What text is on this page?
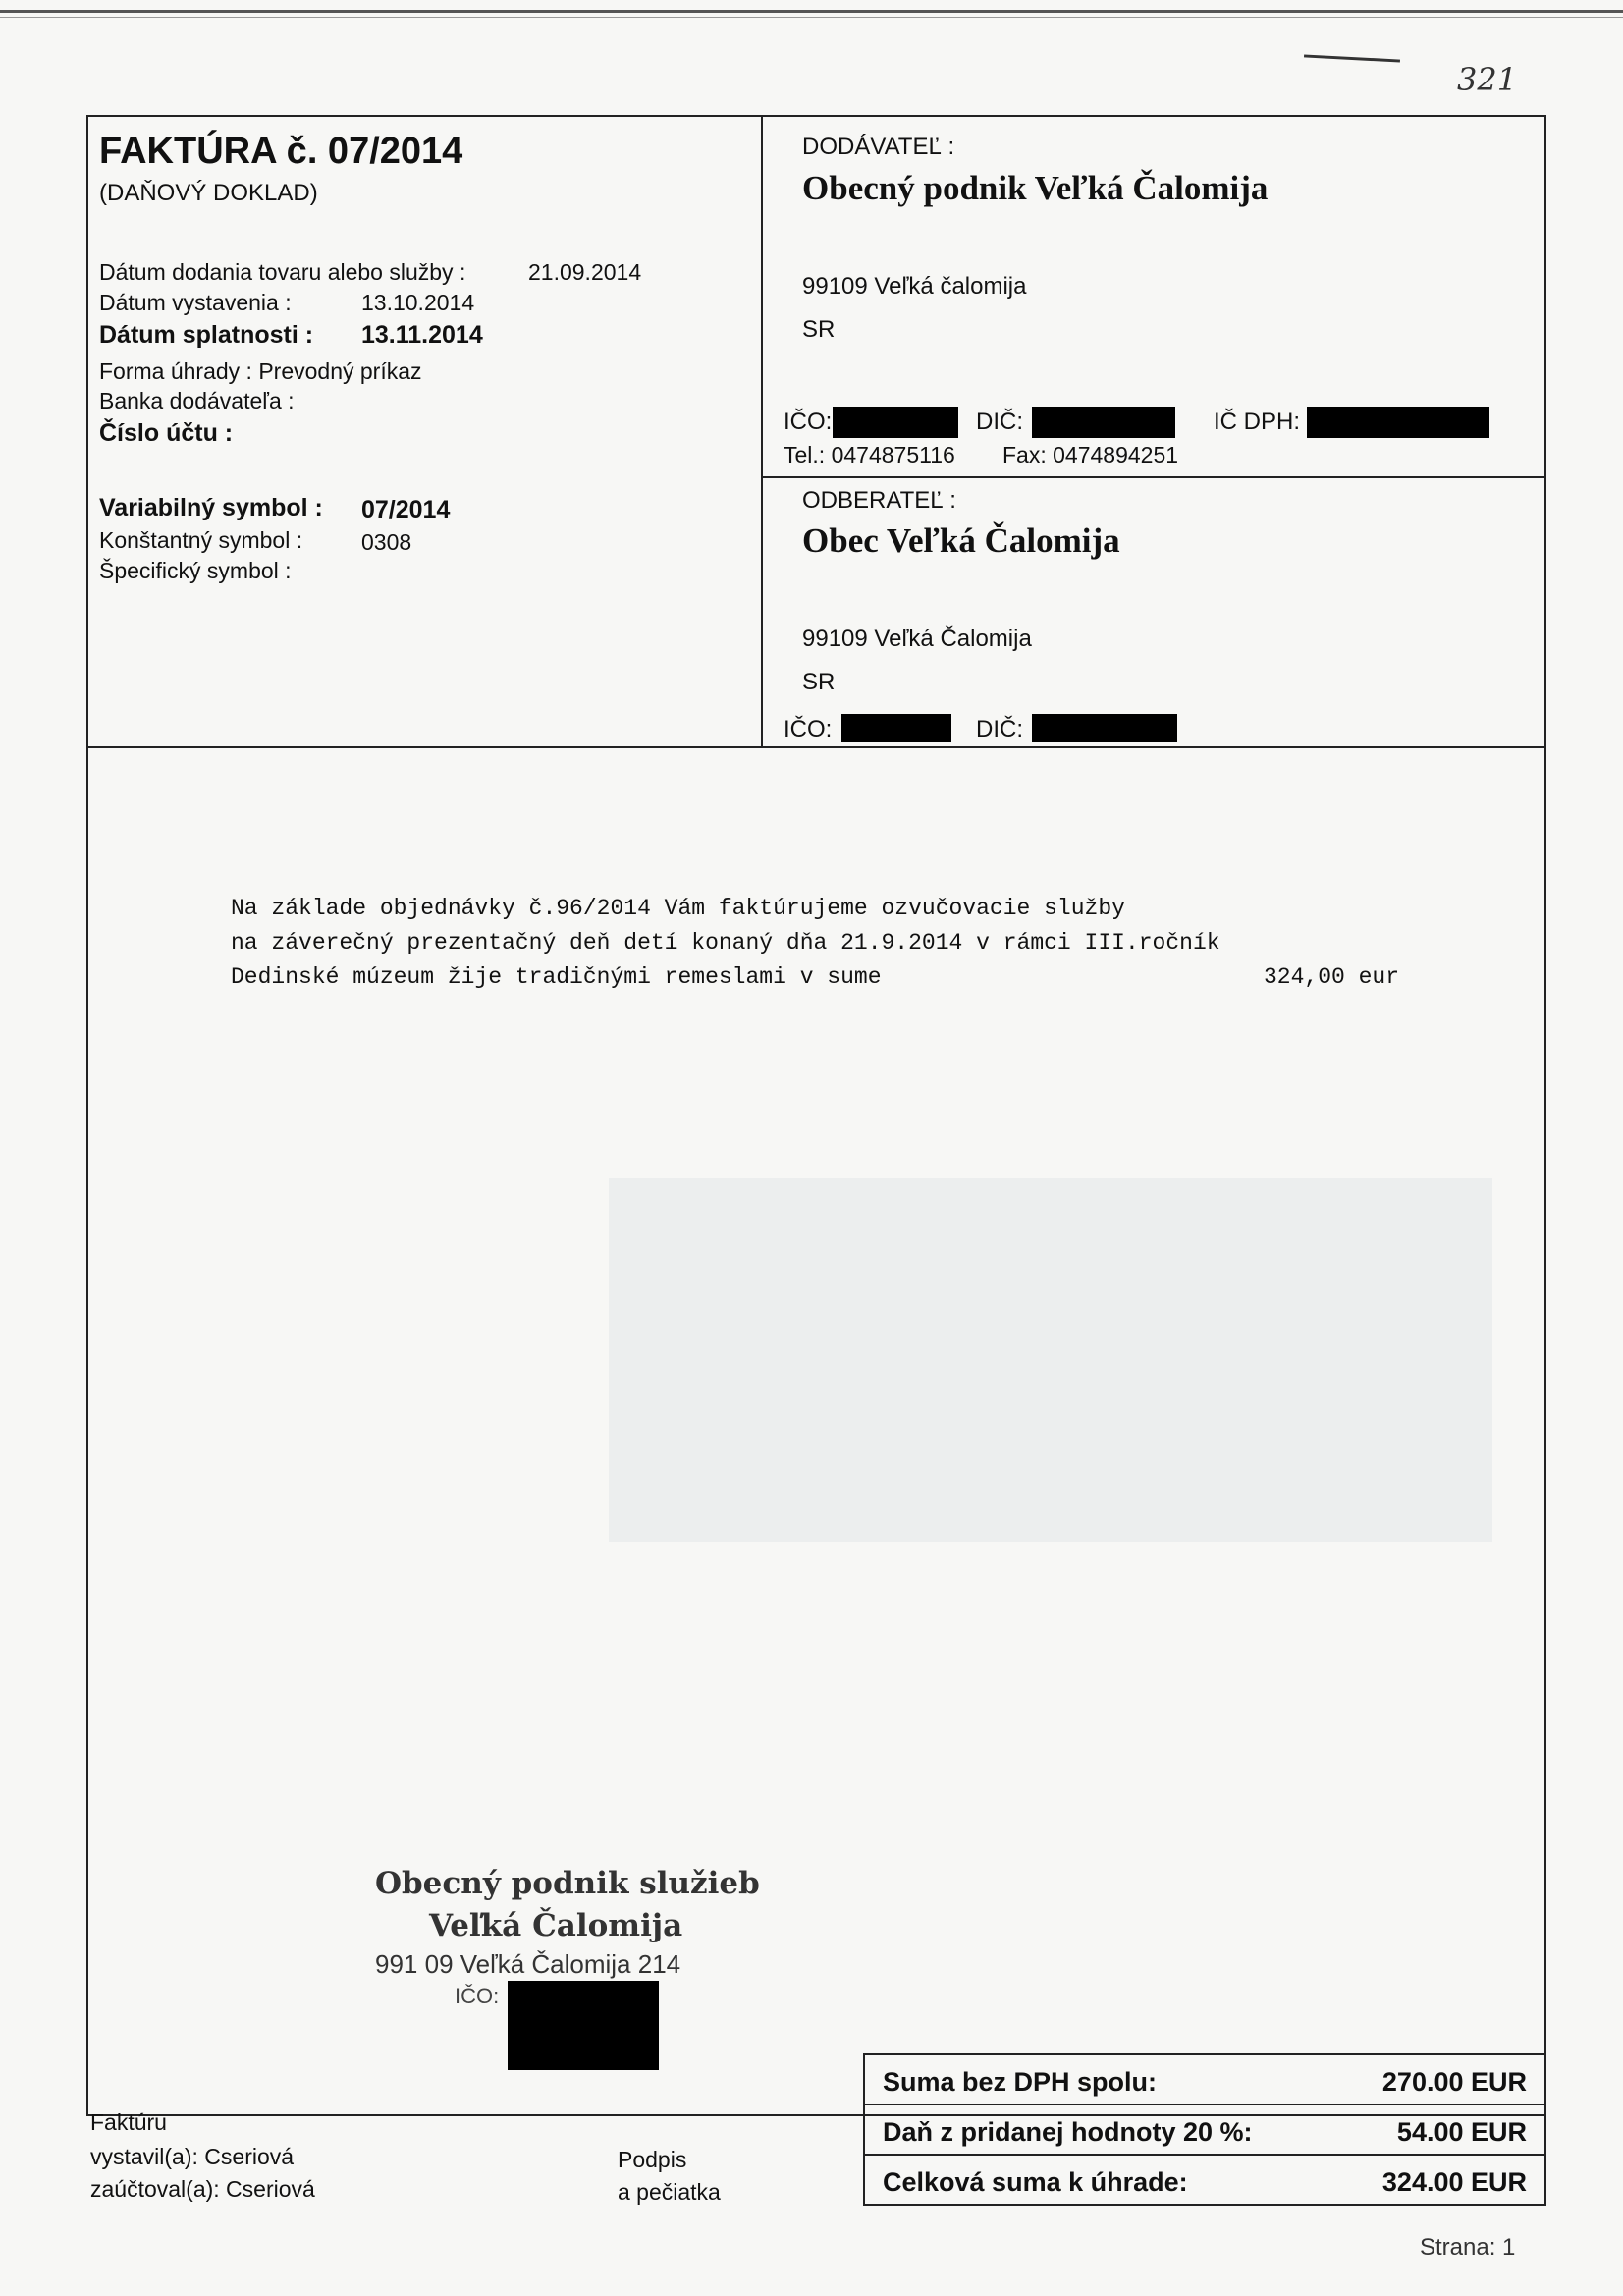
321
FAKTÚRA č. 07/2014
(DAŇOVÝ DOKLAD)
Dátum dodania tovaru alebo služby :	21.09.2014
Dátum vystavenia :	13.10.2014
Dátum splatnosti : 13.11.2014
Forma úhrady : Prevodný príkaz
Banka dodávateľa :
Číslo účtu :
Variabilný symbol : 07/2014
Konštantný symbol :	0308
Špecifický symbol :
DODÁVATEĽ :
Obecný podnik Veľká Čalomija
99109 Veľká čalomija
SR
IČO:	DIČ:	IČ DPH:
Tel.: 0474875116 Fax: 0474894251
ODBERATEĽ :
Obec Veľká Čalomija
99109 Veľká Čalomija
SR
IČO:	DIČ:
Na základe objednávky č.96/2014 Vám faktúrujeme ozvučovacie služby
na záverečný prezentačný deň detí konaný dňa 21.9.2014 v rámci III.ročník
Dedinské múzeum žije tradičnými remeslami v sume	324,00 eur
Obecný podnik služieb
Veľká Čalomija
991 09 Veľká Čalomija 214
IČO:
Faktúru
vystavil(a): Cseriová
zaúčtoval(a): Cseriová
Podpis
a pečiatka
Suma bez DPH spolu:	270.00 EUR
Daň z pridanej hodnoty 20 %:	54.00 EUR
Celková suma k úhrade:	324.00 EUR
Strana: 1
